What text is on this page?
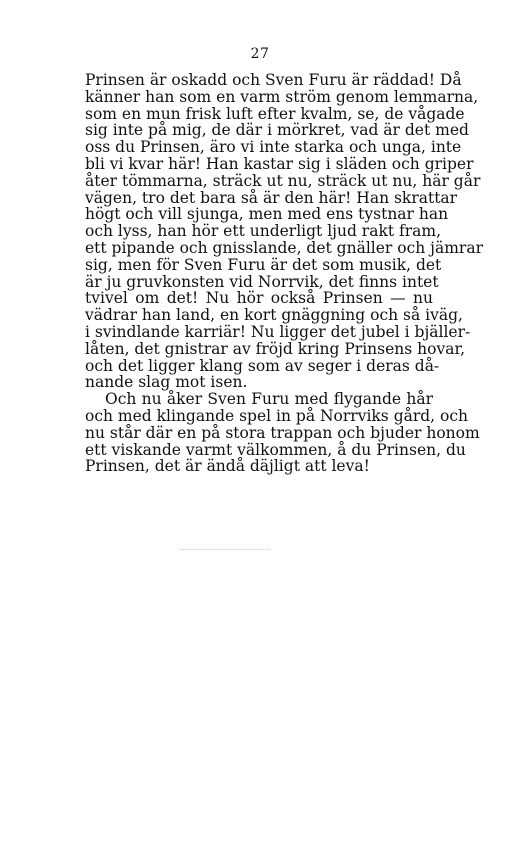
27
Prinsen är oskadd och Sven Furu är räddad! Då
känner han som en varm ström genom lemmarna,
som en mun frisk luft efter kvalm, se, de vågade
sig inte på mig, de där i mörkret, vad är det med
oss du Prinsen, äro vi inte starka och unga, inte
bli vi kvar här! Han kastar sig i släden och griper
åter tömmarna, sträck ut nu, sträck ut nu, här går
vägen, tro det bara så är den här! Han skrattar
högt och vill sjunga, men med ens tystnar han
och lyss, han hör ett underligt ljud rakt fram,
ett pipande och gnisslande, det gnäller och jämrar
sig, men för Sven Furu är det som musik, det
är ju gruvkonsten vid Norrvik, det finns intet
tvivel om det! Nu hör också Prinsen — nu
vädrar han land, en kort gnäggning och så iväg,
i svindlande karriär! Nu ligger det jubel i bjäller-
låten, det gnistrar av fröjd kring Prinsens hovar,
och det ligger klang som av seger i deras då-
nande slag mot isen.
Och nu åker Sven Furu med flygande hår
och med klingande spel in på Norrviks gård, och
nu står där en på stora trappan och bjuder honom
ett viskande varmt välkommen, å du Prinsen, du
Prinsen, det är ändå däjligt att leva!
